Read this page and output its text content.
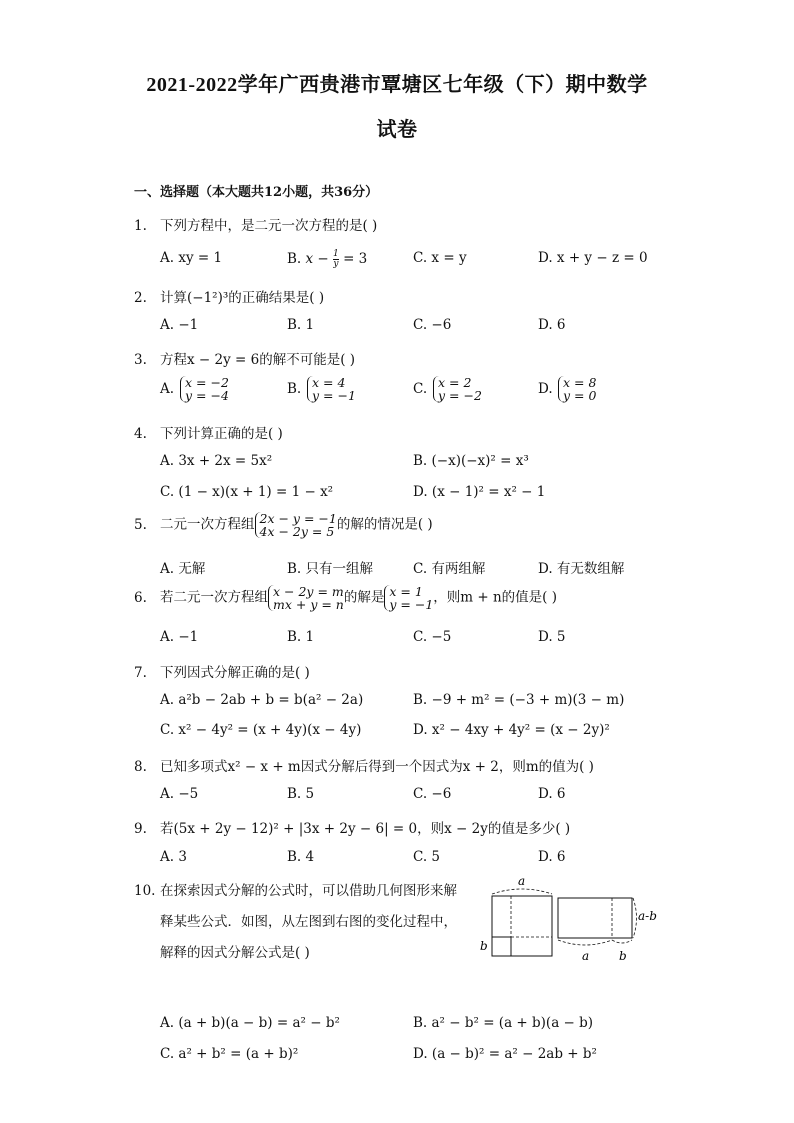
2021-2022学年广西贵港市覃塘区七年级（下）期中数学
试卷
一、选择题（本大题共12小题，共36分）
1. 下列方程中，是二元一次方程的是( )
A. xy = 1	B. $x - \frac{1}{y} = 3$	C. x = y	D. x + y − z = 0
2. 计算(−1²)³的正确结果是( )
A. −1	B. 1	C. −6	D. 6
3. 方程x − 2y = 6的解不可能是( )
A. x = −2
y = −4	B. x = 4
y = −1	C. x = 2
y = −2	D. x = 8
y = 0
4. 下列计算正确的是( )
A. 3x + 2x = 5x²	B. (−x)(−x)² = x³
C. (1 − x)(x + 1) = 1 − x²	D. (x − 1)² = x² − 1
5. 二元一次方程组 2x − y = −1
4x − 2y = 5 的解的情况是( )
A. 无解	B. 只有一组解	C. 有两组解	D. 有无数组解
6. 若二元一次方程组 x − 2y = m
mx + y = n的解是 x = 1
y = −1，则m + n的值是( )
A. −1	B. 1	C. −5	D. 5
7. 下列因式分解正确的是( )
A. a²b − 2ab + b = b(a² − 2a)	B. −9 + m² = (−3 + m)(3 − m)
C. x² − 4y² = (x + 4y)(x − 4y)	D. x² − 4xy + 4y² = (x − 2y)²
8. 已知多项式x² − x + m因式分解后得到一个因式为x + 2，则m的值为( )
A. −5	B. 5	C. −6	D. 6
9. 若(5x + 2y − 12)² + |3x + 2y − 6| = 0，则x − 2y的值是多少( )
A. 3	B. 4	C. 5	D. 6
10. 在探索因式分解的公式时，可以借助几何图形来解
释某些公式．如图，从左图到右图的变化过程中，
解释的因式分解公式是( )
a
b
a b
a-b
A. (a + b)(a − b) = a² − b²	B. a² − b² = (a + b)(a − b)
C. a² + b² = (a + b)²	D. (a − b)² = a² − 2ab + b²
